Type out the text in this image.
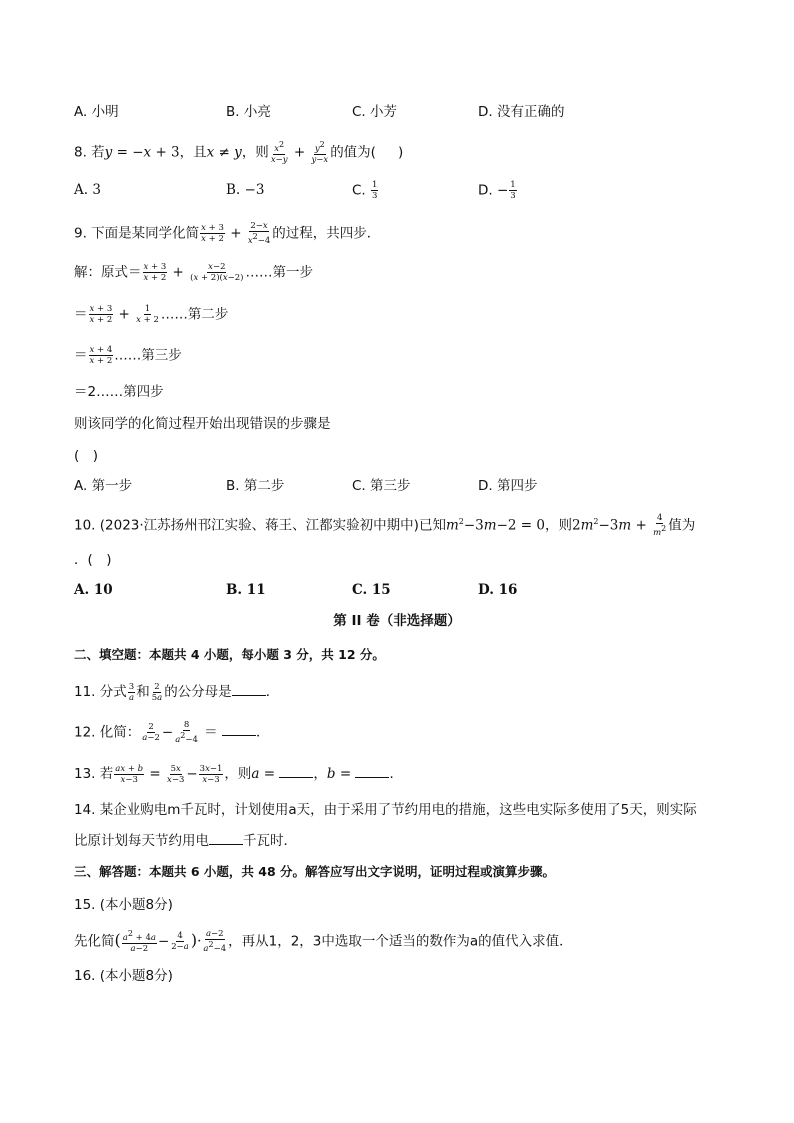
A. 小明	B. 小亮	C. 小芳	D. 没有正确的
8. 若y = −x + 3，且x ≠ y，则 $\frac{x^2}{x-y} + \frac{y^2}{y-x}$ 的值为( )
A. 3	B. −3	C. $\frac{1}{3}$	D. − $\frac{1}{3}$
9. 下面是某同学化简 $\frac{x + 3}{x + 2} + \frac{2-x}{x^2-4}$ 的过程，共四步．
解：原式＝ $\frac{x + 3}{x + 2} + \frac{x-2}{(x + 2)(x-2)}$ ……第一步
＝ $\frac{x + 3}{x + 2} + \frac{1}{x + 2}$ ……第二步
＝ $\frac{x + 4}{x + 2}$ ……第三步
＝2……第四步
则该同学的化简过程开始出现错误的步骤是
(　)
A. 第一步	B. 第二步	C. 第三步	D. 第四步
10. (2023·江苏扬州邗江实验、蒋王、江都实验初中期中)已知$m^2-3m-2 = 0$，则$2m^2-3m + \frac{4}{m^2}$ 值为
．(　)
A. 10	B. 11	C. 15	D. 16
第 II 卷（非选择题）
二、填空题：本题共 4 小题，每小题 3 分，共 12 分。
11. 分式 $\frac{3}{a}$ 和 $\frac{2}{5a}$ 的公分母是	．
12. 化简： $\frac{2}{a-2} - \frac{8}{a^2-4}$ ＝	．
13. 若 $\frac{ax + b}{x-3} = \frac{5x}{x-3} - \frac{3x-1}{x-3}$ ，则a =	，b =	．
14. 某企业购电m千瓦时，计划使用a天，由于采用了节约用电的措施，这些电实际多使用了5天，则实际
比原计划每天节约用电	千瓦时．
三、解答题：本题共 6 小题，共 48 分。解答应写出文字说明，证明过程或演算步骤。
15. (本小题8分)
先化简( $\frac{a^2 + 4a}{a-2} - \frac{4}{2-a}$ )· $\frac{a-2}{a^2-4}$ ，再从1，2，3中选取一个适当的数作为a的值代入求值．
16. (本小题8分)
